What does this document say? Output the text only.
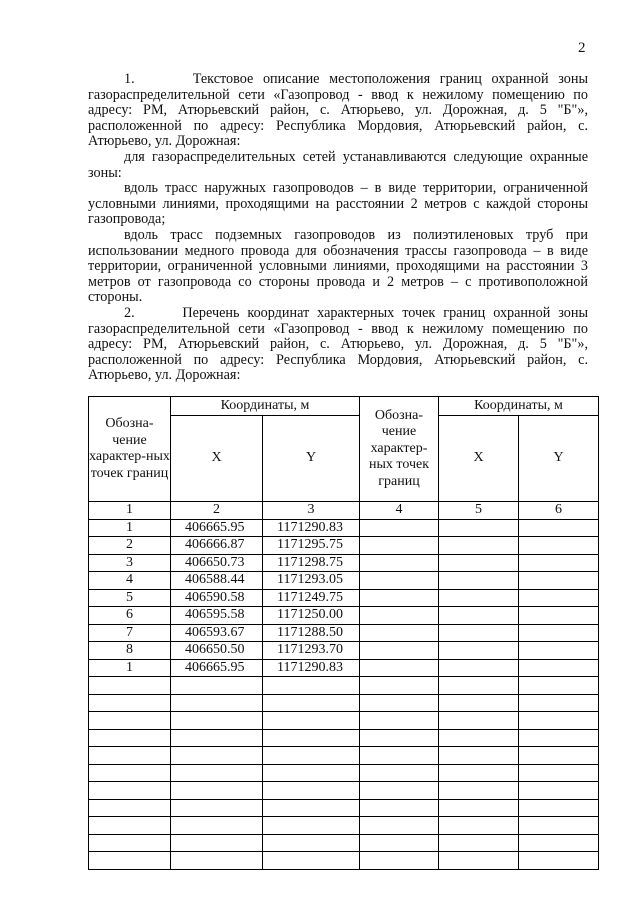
2

1.      Текстовое описание местоположения границ охранной зоны газораспределительной сети «Газопровод - ввод к нежилому помещению по адресу: РМ, Атюрьевский район, с. Атюрьево, ул. Дорожная, д. 5 "Б"», расположенной по адресу: Республика Мордовия, Атюрьевский район, с. Атюрьево, ул. Дорожная:

для газораспределительных сетей устанавливаются следующие охранные зоны:

вдоль трасс наружных газопроводов – в виде территории, ограниченной условными линиями, проходящими на расстоянии 2 метров с каждой стороны газопровода;

вдоль трасс подземных газопроводов из полиэтиленовых труб при использовании медного провода для обозначения трассы газопровода – в виде территории, ограниченной условными линиями, проходящими на расстоянии 3 метров от газопровода со стороны провода и 2 метров – с противоположной стороны.

2.      Перечень координат характерных точек границ охранной зоны газораспределительной сети «Газопровод - ввод к нежилому помещению по адресу: РМ, Атюрьевский район, с. Атюрьево, ул. Дорожная, д. 5 "Б"», расположенной по адресу: Республика Мордовия, Атюрьевский район, с. Атюрьево, ул. Дорожная:

Обозна-чение характер-ных точек границ	Координаты, м		Обозна-чение характер-ных точек границ	Координаты, м	
	X	Y		X	Y
1	2	3	4	5	6
1	406665.95	1171290.83			
2	406666.87	1171295.75			
3	406650.73	1171298.75			
4	406588.44	1171293.05			
5	406590.58	1171249.75			
6	406595.58	1171250.00			
7	406593.67	1171288.50			
8	406650.50	1171293.70			
1	406665.95	1171290.83			
